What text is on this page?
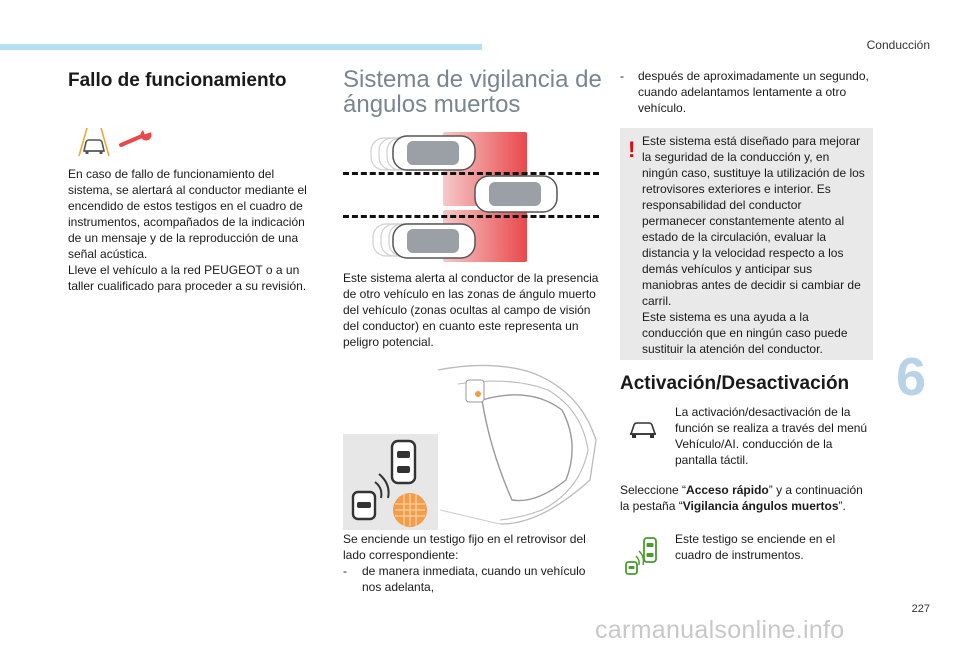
Conducción
6
Fallo de funcionamiento
En caso de fallo de funcionamiento del sistema, se alertará al conductor mediante el encendido de estos testigos en el cuadro de instrumentos, acompañados de la indicación de un mensaje y de la reproducción de una señal acústica.
Lleve el vehículo a la red PEUGEOT o a un taller cualificado para proceder a su revisión.
Sistema de vigilancia de
ángulos muertos
Este sistema alerta al conductor de la presencia de otro vehículo en las zonas de ángulo muerto del vehículo (zonas ocultas al campo de visión del conductor) en cuanto este representa un peligro potencial.
Se enciende un testigo fijo en el retrovisor del lado correspondiente:
-	de manera inmediata, cuando un vehículo nos adelanta,
-	después de aproximadamente un segundo, cuando adelantamos lentamente a otro vehículo.
! Este sistema está diseñado para mejorar la seguridad de la conducción y, en ningún caso, sustituye la utilización de los retrovisores exteriores e interior. Es responsabilidad del conductor permanecer constantemente atento al estado de la circulación, evaluar la distancia y la velocidad respecto a los demás vehículos y anticipar sus maniobras antes de decidir si cambiar de carril.
Este sistema es una ayuda a la conducción que en ningún caso puede sustituir la atención del conductor.
Activación/Desactivación
La activación/desactivación de la función se realiza a través del menú Vehículo/AI. conducción de la pantalla táctil.
Seleccione “Acceso rápido” y a continuación la pestaña “Vigilancia ángulos muertos”.
Este testigo se enciende en el cuadro de instrumentos.
227
carmanualsonline.info
